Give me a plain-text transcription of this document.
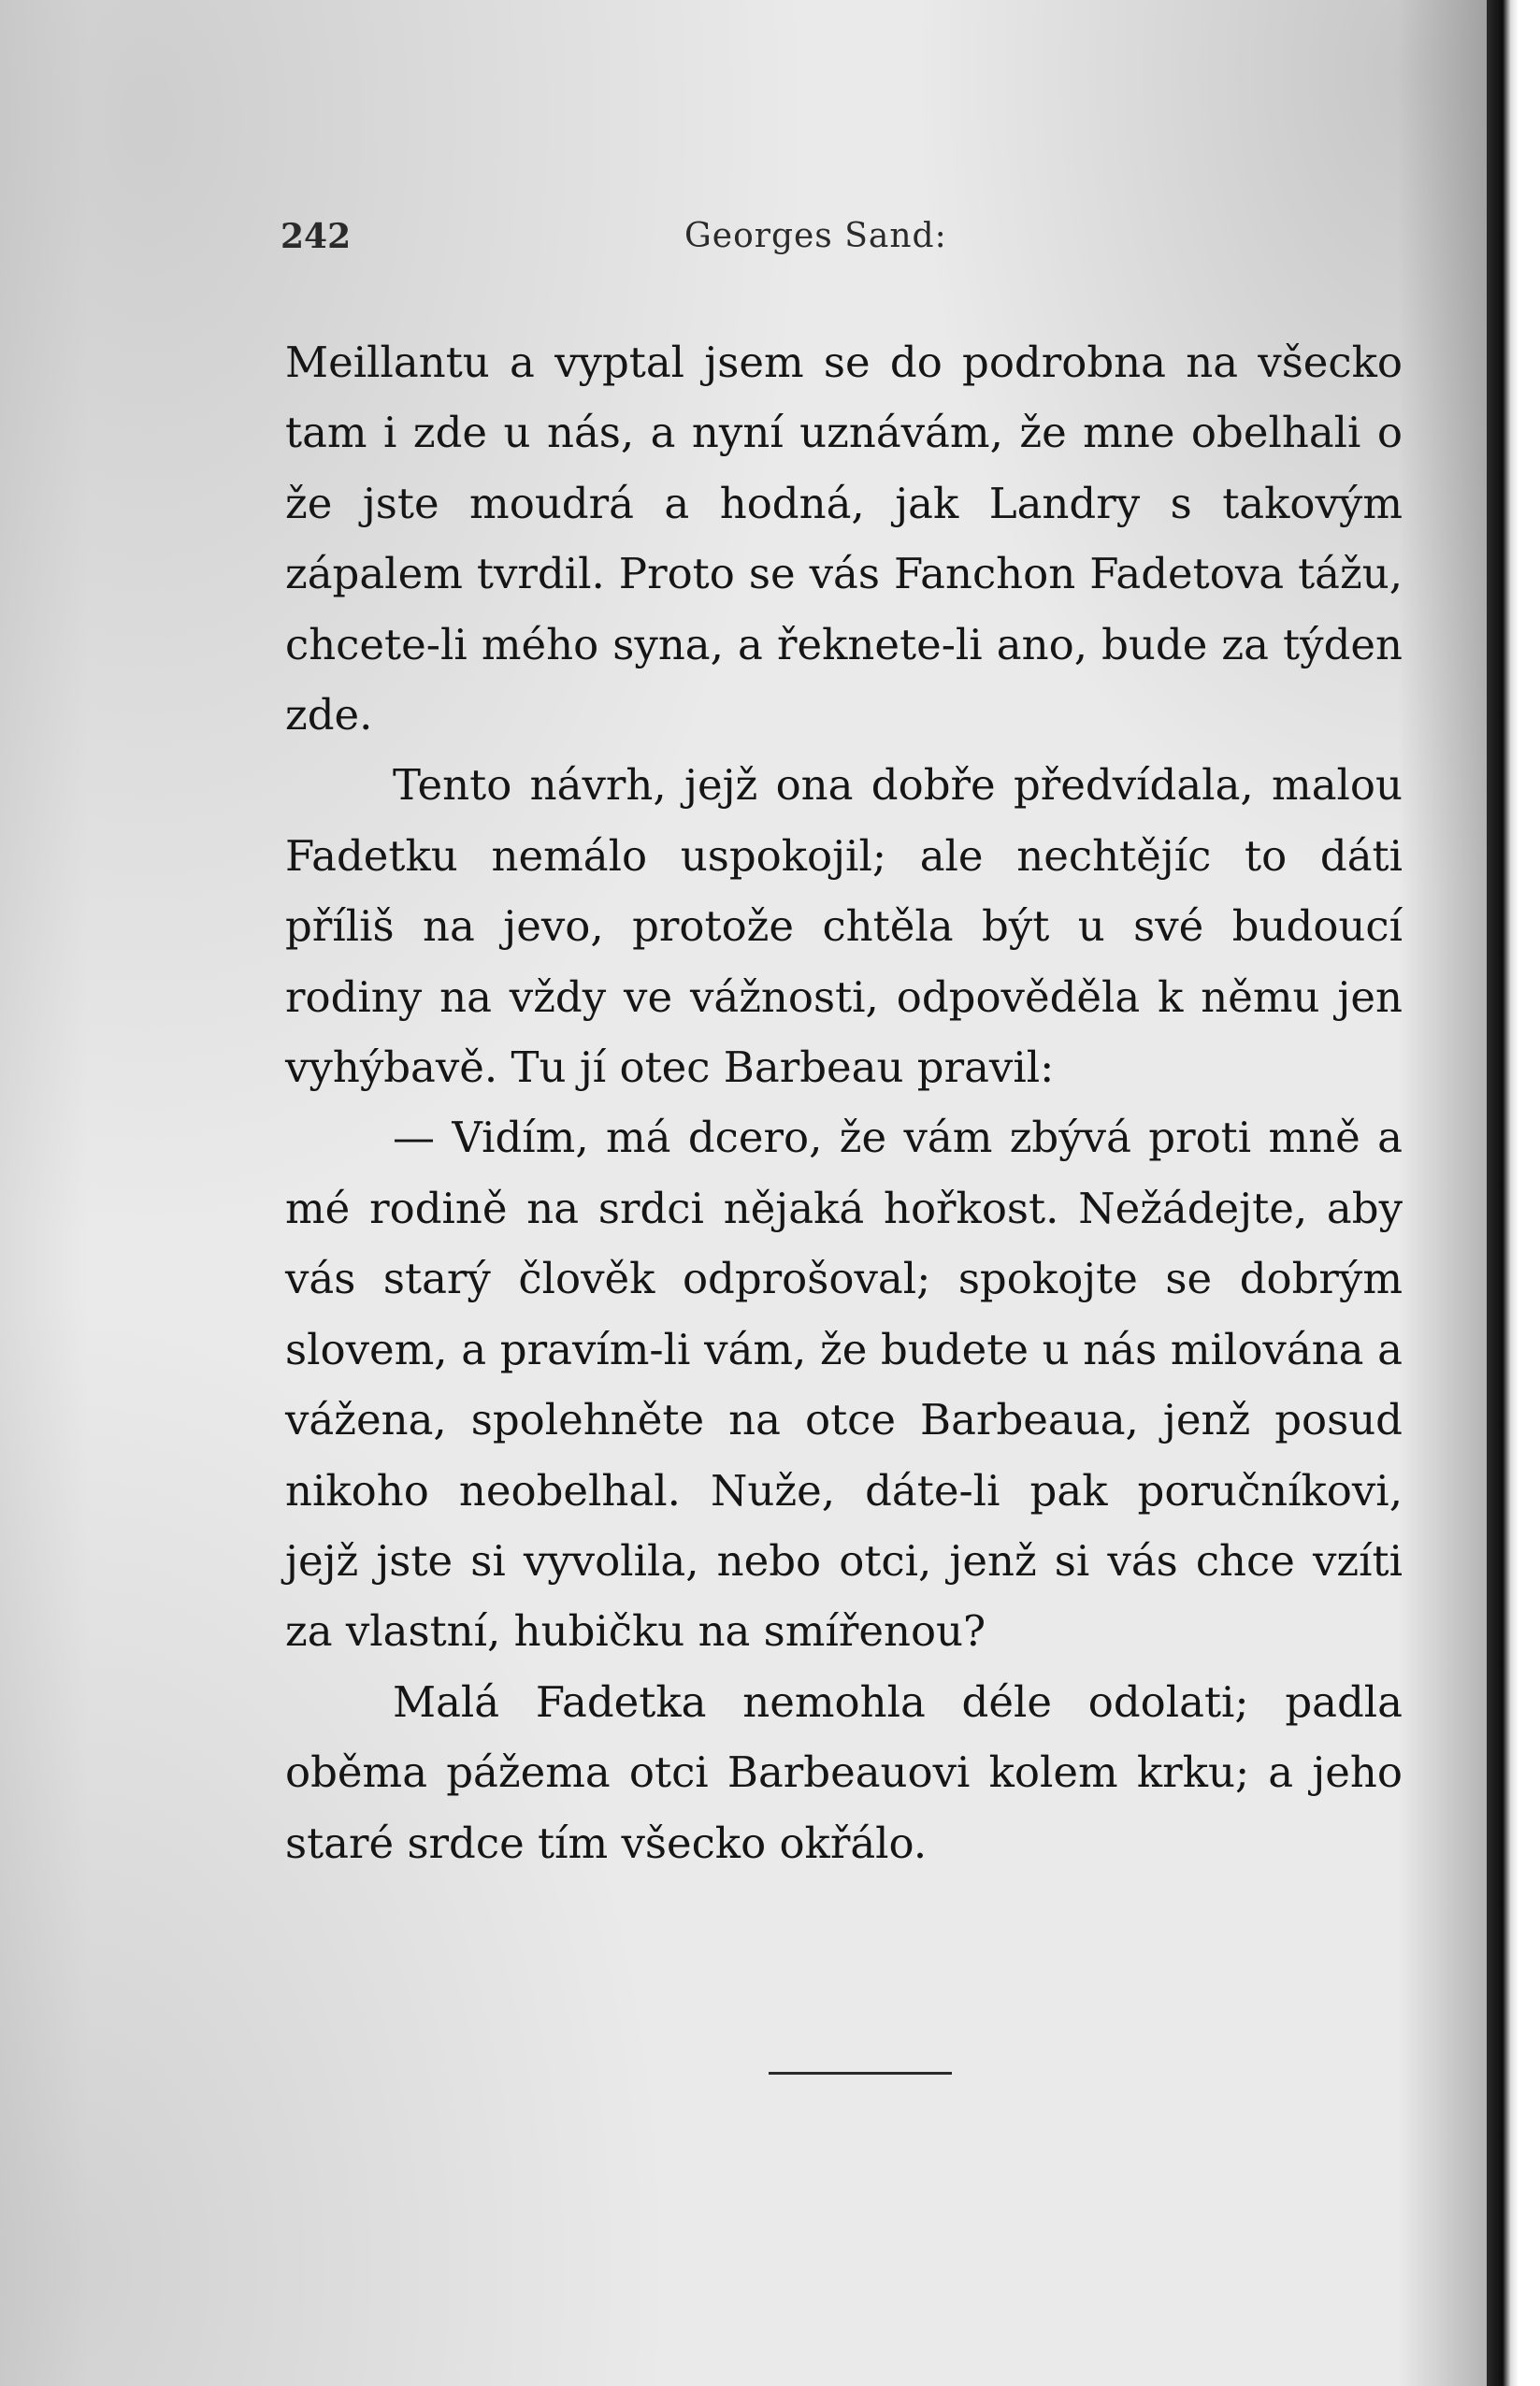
242	Georges Sand:

Meillantu a vyptal jsem se do podrobna na všecko tam i zde u nás, a nyní uznávám, že mne obelhali o že jste moudrá a hodná, jak Landry s takovým zápalem tvrdil. Proto se vás Fanchon Fadetova tážu, chcete-li mého syna, a řeknete-li ano, bude za týden zde.

Tento návrh, jejž ona dobře předvídala, malou Fadetku nemálo uspokojil; ale nechtějíc to dáti příliš na jevo, protože chtěla být u své budoucí rodiny na vždy ve vážnosti, odpověděla k němu jen vyhýbavě. Tu jí otec Barbeau pravil:

— Vidím, má dcero, že vám zbývá proti mně a mé rodině na srdci nějaká hořkost. Nežádejte, aby vás starý člověk odprošoval; spokojte se dobrým slovem, a pravím-li vám, že budete u nás milována a vážena, spolehněte na otce Barbeaua, jenž posud nikoho neobelhal. Nuže, dáte-li pak poručníkovi, jejž jste si vyvolila, nebo otci, jenž si vás chce vzíti za vlastní, hubičku na smířenou?

Malá Fadetka nemohla déle odolati; padla oběma pážema otci Barbeauovi kolem krku; a jeho staré srdce tím všecko okřálo.
